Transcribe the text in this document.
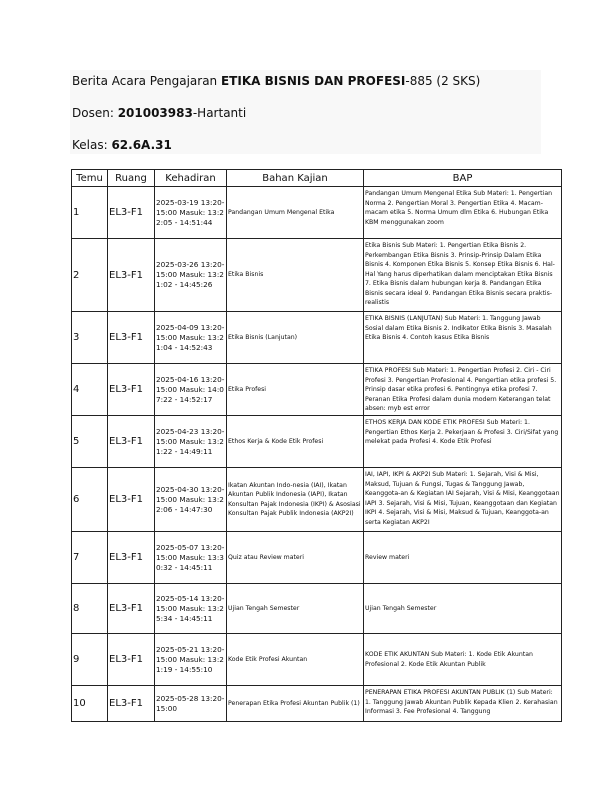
Berita Acara Pengajaran ETIKA BISNIS DAN PROFESI-885 (2 SKS)
Dosen: 201003983-Hartanti
Kelas: 62.6A.31
Temu	Ruang	Kehadiran	Bahan Kajian	BAP
1	EL3-F1	2025-03-19 13:20-15:00 Masuk: 13:22:05 - 14:51:44	Pandangan Umum Mengenal Etika	Pandangan Umum Mengenal Etika Sub Materi: 1. Pengertian Norma 2. Pengertian Moral 3. Pengertian Etika 4. Macam-macam etika 5. Norma Umum dlm Etika 6. Hubungan Etika KBM menggunakan zoom
2	EL3-F1	2025-03-26 13:20-15:00 Masuk: 13:21:02 - 14:45:26	Etika Bisnis	Etika Bisnis Sub Materi: 1. Pengertian Etika Bisnis 2. Perkembangan Etika Bisnis 3. Prinsip-Prinsip Dalam Etika Bisnis 4. Komponen Etika Bisnis 5. Konsep Etika Bisnis 6. Hal-Hal Yang harus diperhatikan dalam menciptakan Etika Bisnis 7. Etika Bisnis dalam hubungan kerja 8. Pandangan Etika Bisnis secara ideal 9. Pandangan Etika Bisnis secara praktis-realistis
3	EL3-F1	2025-04-09 13:20-15:00 Masuk: 13:21:04 - 14:52:43	Etika Bisnis (Lanjutan)	ETIKA BISNIS (LANJUTAN) Sub Materi: 1. Tanggung Jawab Sosial dalam Etika Bisnis 2. Indikator Etika Bisnis 3. Masalah Etika Bisnis 4. Contoh kasus Etika Bisnis
4	EL3-F1	2025-04-16 13:20-15:00 Masuk: 14:07:22 - 14:52:17	Etika Profesi	ETIKA PROFESI Sub Materi: 1. Pengertian Profesi 2. Ciri - Ciri Profesi 3. Pengertian Profesional 4. Pengertian etika profesi 5. Prinsip dasar etika profesi 6. Pentingnya etika profesi 7. Peranan Etika Profesi dalam dunia modern Keterangan telat absen: myb est error
5	EL3-F1	2025-04-23 13:20-15:00 Masuk: 13:21:22 - 14:49:11	Ethos Kerja & Kode Etik Profesi	ETHOS KERJA DAN KODE ETIK PROFESI Sub Materi: 1. Pengertian Ethos Kerja 2. Pekerjaan & Profesi 3. Ciri/Sifat yang melekat pada Profesi 4. Kode Etik Profesi
6	EL3-F1	2025-04-30 13:20-15:00 Masuk: 13:22:06 - 14:47:30	Ikatan Akuntan Indo-nesia (IAI), Ikatan Akuntan Publik Indonesia (IAPI), Ikatan Konsultan Pajak Indonesia (IKPI) & Asosiasi Konsultan Pajak Publik Indonesia (AKP2I)	IAI, IAPI, IKPI & AKP2I Sub Materi: 1. Sejarah, Visi & Misi, Maksud, Tujuan & Fungsi, Tugas & Tanggung Jawab, Keanggota-an & Kegiatan IAI Sejarah, Visi & Misi, Keanggotaan IAPI 3. Sejarah, Visi & Misi, Tujuan, Keanggotaan dan Kegiatan IKPI 4. Sejarah, Visi & Misi, Maksud & Tujuan, Keanggota-an serta Kegiatan AKP2I
7	EL3-F1	2025-05-07 13:20-15:00 Masuk: 13:30:32 - 14:45:11	Quiz atau Review materi	Review materi
8	EL3-F1	2025-05-14 13:20-15:00 Masuk: 13:25:34 - 14:45:11	Ujian Tengah Semester	Ujian Tengah Semester
9	EL3-F1	2025-05-21 13:20-15:00 Masuk: 13:21:19 - 14:55:10	Kode Etik Profesi Akuntan	KODE ETIK AKUNTAN Sub Materi: 1. Kode Etik Akuntan Profesional 2. Kode Etik Akuntan Publik
10	EL3-F1	2025-05-28 13:20-15:00	Penerapan Etika Profesi Akuntan Publik (1)	PENERAPAN ETIKA PROFESI AKUNTAN PUBLIK (1) Sub Materi: 1. Tanggung Jawab Akuntan Publik Kepada Klien 2. Kerahasian Informasi 3. Fee Profesional 4. Tanggung
